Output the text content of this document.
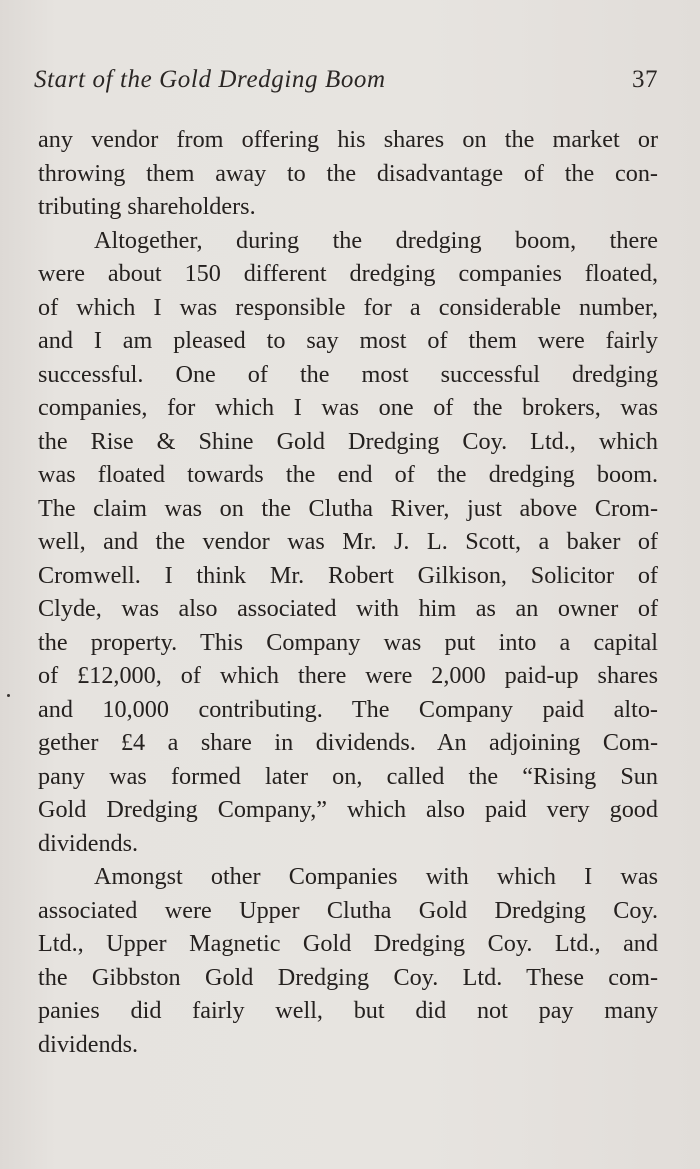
Start of the Gold Dredging Boom	37

any vendor from offering his shares on the market or
throwing them away to the disadvantage of the con-
tributing shareholders.

Altogether, during the dredging boom, there
were about 150 different dredging companies floated,
of which I was responsible for a considerable number,
and I am pleased to say most of them were fairly
successful. One of the most successful dredging
companies, for which I was one of the brokers, was
the Rise & Shine Gold Dredging Coy. Ltd., which
was floated towards the end of the dredging boom.
The claim was on the Clutha River, just above Crom-
well, and the vendor was Mr. J. L. Scott, a baker of
Cromwell. I think Mr. Robert Gilkison, Solicitor of
Clyde, was also associated with him as an owner of
the property. This Company was put into a capital
of £12,000, of which there were 2,000 paid-up shares
and 10,000 contributing. The Company paid alto-
gether £4 a share in dividends. An adjoining Com-
pany was formed later on, called the “Rising Sun
Gold Dredging Company,” which also paid very good
dividends.

Amongst other Companies with which I was
associated were Upper Clutha Gold Dredging Coy.
Ltd., Upper Magnetic Gold Dredging Coy. Ltd., and
the Gibbston Gold Dredging Coy. Ltd. These com-
panies did fairly well, but did not pay many
dividends.
